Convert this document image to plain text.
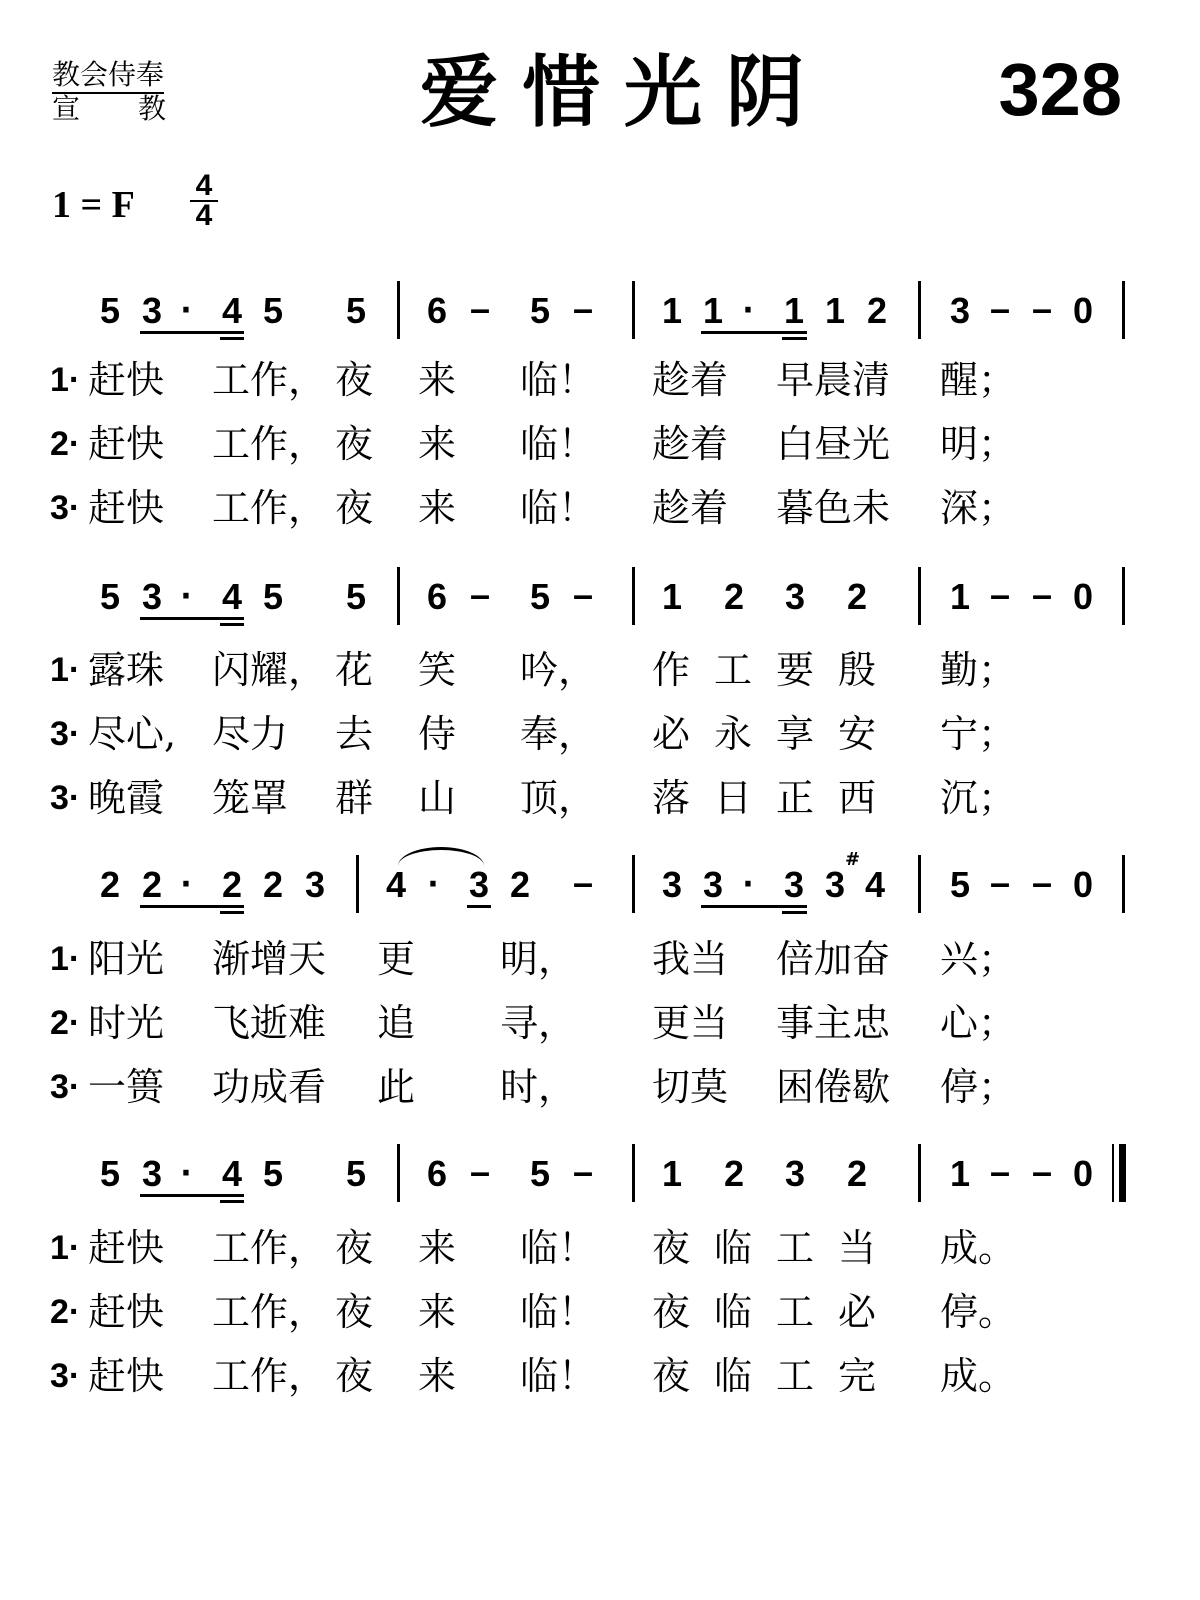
教会侍奉
宣 教	爱惜光阴 328
1 = F 4
4
5 3 · 4 5 5 6 – 5 – 1 1 · 1 1 2 3 – – 0
1· 赶快 工作， 夜 来 临！ 趁着 早晨清 醒；
2· 赶快 工作， 夜 来 临！ 趁着 白昼光 明；
3· 赶快 工作， 夜 来 临！ 趁着 暮色未 深；
5 3 · 4 5 5 6 – 5 – 1 2 3 2 1 – – 0
1· 露珠 闪耀， 花 笑 吟， 作 工 要 殷 勤；
3· 尽心, 尽力 去 侍 奉， 必 永 享 安 宁；
3· 晚霞 笼罩 群 山 顶， 落 日 正 西 沉；
2 2 · 2 2 3 4 · 3 2 – 3 3 · 3 3
#
4 5 – – 0
1· 阳光 渐增天 更 明， 我当 倍加奋 兴；
2· 时光 飞逝难 追 寻， 更当 事主忠 心；
3· 一篑 功成看 此 时， 切莫 困倦歇 停；
5 3 · 4 5 5 6 – 5 – 1 2 3 2 1 – – 0
1· 赶快 工作， 夜 来 临！ 夜 临 工 当 成。
2· 赶快 工作， 夜 来 临！ 夜 临 工 必 停。
3· 赶快 工作， 夜 来 临！ 夜 临 工 完 成。
